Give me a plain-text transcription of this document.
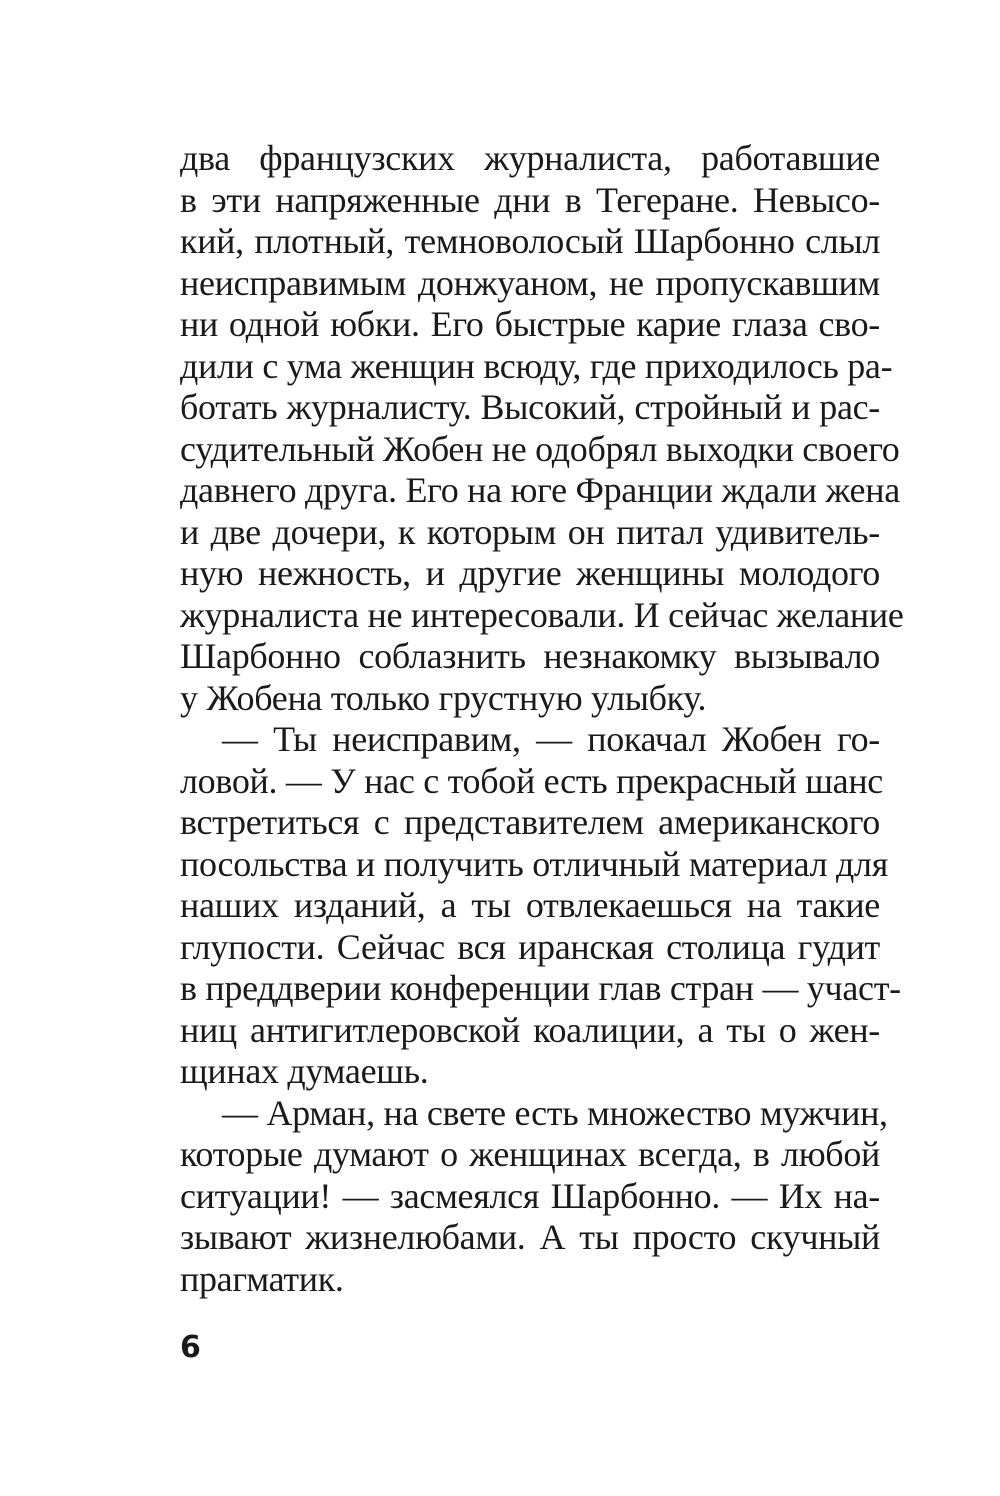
два французских журналиста, работавшие
в эти напряженные дни в Тегеране. Невысо-
кий, плотный, темноволосый Шарбонно слыл
неисправимым донжуаном, не пропускавшим
ни одной юбки. Его быстрые карие глаза сво-
дили с ума женщин всюду, где приходилось ра-
ботать журналисту. Высокий, стройный и рас-
судительный Жобен не одобрял выходки своего
давнего друга. Его на юге Франции ждали жена
и две дочери, к которым он питал удивитель-
ную нежность, и другие женщины молодого
журналиста не интересовали. И сейчас желание
Шарбонно соблазнить незнакомку вызывало
у Жобена только грустную улыбку.
— Ты неисправим, — покачал Жобен го-
ловой. — У нас с тобой есть прекрасный шанс
встретиться с представителем американского
посольства и получить отличный материал для
наших изданий, а ты отвлекаешься на такие
глупости. Сейчас вся иранская столица гудит
в преддверии конференции глав стран — участ-
ниц антигитлеровской коалиции, а ты о жен-
щинах думаешь.
— Арман, на свете есть множество мужчин,
которые думают о женщинах всегда, в любой
ситуации! — засмеялся Шарбонно. — Их на-
зывают жизнелюбами. А ты просто скучный
прагматик.
6
